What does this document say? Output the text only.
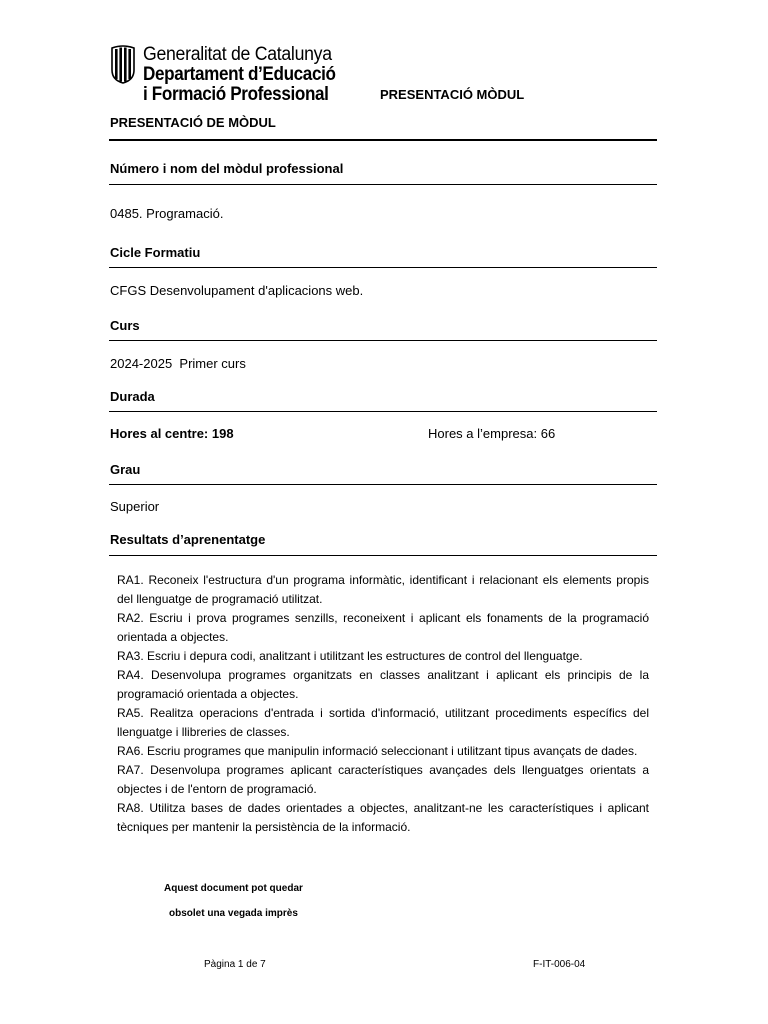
Generalitat de Catalunya
Departament d’Educació
i Formació Professional	PRESENTACIÓ MÒDUL
PRESENTACIÓ DE MÒDUL
Número i nom del mòdul professional
0485. Programació.
Cicle Formatiu
CFGS Desenvolupament d'aplicacions web.
Curs
2024-2025  Primer curs
Durada
Hores al centre: 198	Hores a l’empresa: 66
Grau
Superior
Resultats d’aprenentatge

RA1. Reconeix l'estructura d'un programa informàtic, identificant i relacionant els elements propis del llenguatge de programació utilitzat.

RA2. Escriu i prova programes senzills, reconeixent i aplicant els fonaments de la programació orientada a objectes.

RA3. Escriu i depura codi, analitzant i utilitzant les estructures de control del llenguatge.

RA4. Desenvolupa programes organitzats en classes analitzant i aplicant els principis de la programació orientada a objectes.

RA5. Realitza operacions d'entrada i sortida d'informació, utilitzant procediments específics del llenguatge i llibreries de classes.

RA6. Escriu programes que manipulin informació seleccionant i utilitzant tipus avançats de dades.

RA7. Desenvolupa programes aplicant característiques avançades dels llenguatges orientats a objectes i de l'entorn de programació.

RA8. Utilitza bases de dades orientades a objectes, analitzant-ne les característiques i aplicant tècniques per mantenir la persistència de la informació.

Aquest document pot quedar
obsolet una vegada imprès
Pàgina 1 de 7	F-IT-006-04
